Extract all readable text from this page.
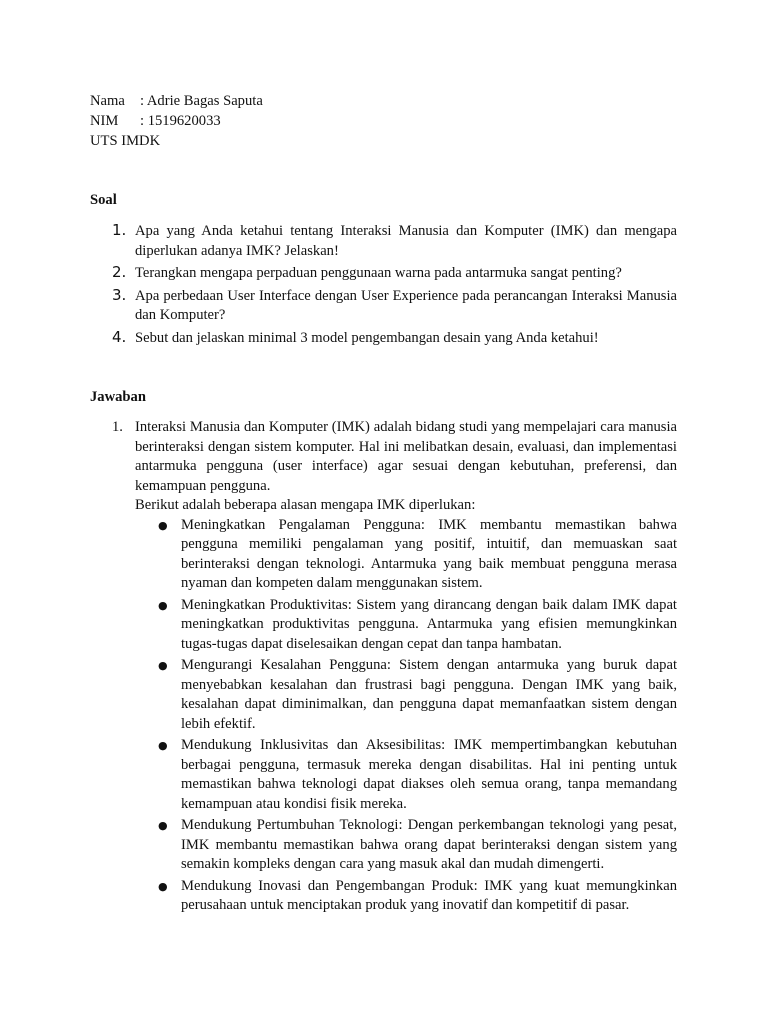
Nama	: Adrie Bagas Saputa
NIM	: 1519620033
UTS IMDK
Soal
1. Apa yang Anda ketahui tentang Interaksi Manusia dan Komputer (IMK) dan mengapa diperlukan adanya IMK? Jelaskan!
2. Terangkan mengapa perpaduan penggunaan warna pada antarmuka sangat penting?
3. Apa perbedaan User Interface dengan User Experience pada perancangan Interaksi Manusia dan Komputer?
4. Sebut dan jelaskan minimal 3 model pengembangan desain yang Anda ketahui!
Jawaban
1. Interaksi Manusia dan Komputer (IMK) adalah bidang studi yang mempelajari cara manusia berinteraksi dengan sistem komputer. Hal ini melibatkan desain, evaluasi, dan implementasi antarmuka pengguna (user interface) agar sesuai dengan kebutuhan, preferensi, dan kemampuan pengguna.
Berikut adalah beberapa alasan mengapa IMK diperlukan:
● Meningkatkan Pengalaman Pengguna: IMK membantu memastikan bahwa pengguna memiliki pengalaman yang positif, intuitif, dan memuaskan saat berinteraksi dengan teknologi. Antarmuka yang baik membuat pengguna merasa nyaman dan kompeten dalam menggunakan sistem.
● Meningkatkan Produktivitas: Sistem yang dirancang dengan baik dalam IMK dapat meningkatkan produktivitas pengguna. Antarmuka yang efisien memungkinkan tugas-tugas dapat diselesaikan dengan cepat dan tanpa hambatan.
● Mengurangi Kesalahan Pengguna: Sistem dengan antarmuka yang buruk dapat menyebabkan kesalahan dan frustrasi bagi pengguna. Dengan IMK yang baik, kesalahan dapat diminimalkan, dan pengguna dapat memanfaatkan sistem dengan lebih efektif.
● Mendukung Inklusivitas dan Aksesibilitas: IMK mempertimbangkan kebutuhan berbagai pengguna, termasuk mereka dengan disabilitas. Hal ini penting untuk memastikan bahwa teknologi dapat diakses oleh semua orang, tanpa memandang kemampuan atau kondisi fisik mereka.
● Mendukung Pertumbuhan Teknologi: Dengan perkembangan teknologi yang pesat, IMK membantu memastikan bahwa orang dapat berinteraksi dengan sistem yang semakin kompleks dengan cara yang masuk akal dan mudah dimengerti.
● Mendukung Inovasi dan Pengembangan Produk: IMK yang kuat memungkinkan perusahaan untuk menciptakan produk yang inovatif dan kompetitif di pasar.
